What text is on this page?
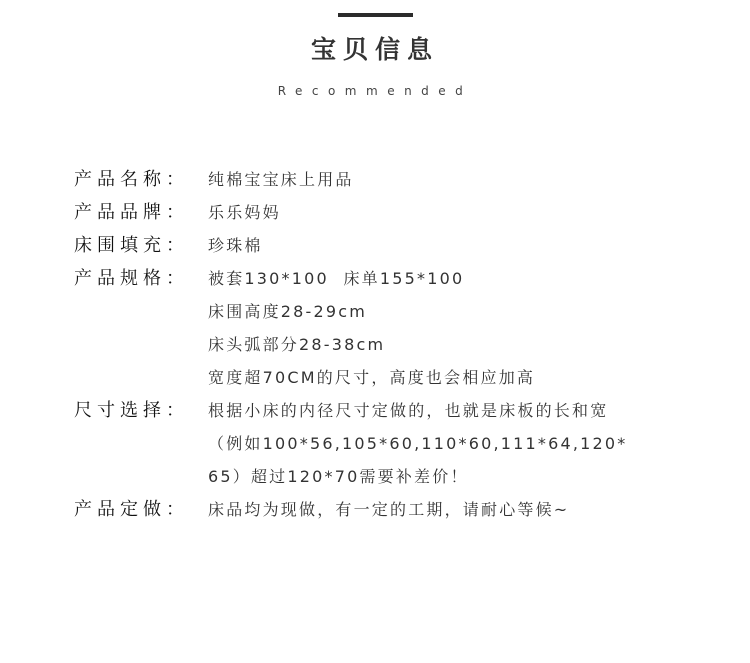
宝贝信息
Recommended
产品名称：	纯棉宝宝床上用品
产品品牌：	乐乐妈妈
床围填充：	珍珠棉
产品规格：	被套130*100  床单155*100
床围高度28-29cm
床头弧部分28-38cm
宽度超70CM的尺寸，高度也会相应加高
尺寸选择：	根据小床的内径尺寸定做的，也就是床板的长和宽
（例如100*56,105*60,110*60,111*64,120*
65）超过120*70需要补差价！
产品定做：	床品均为现做，有一定的工期，请耐心等候~
